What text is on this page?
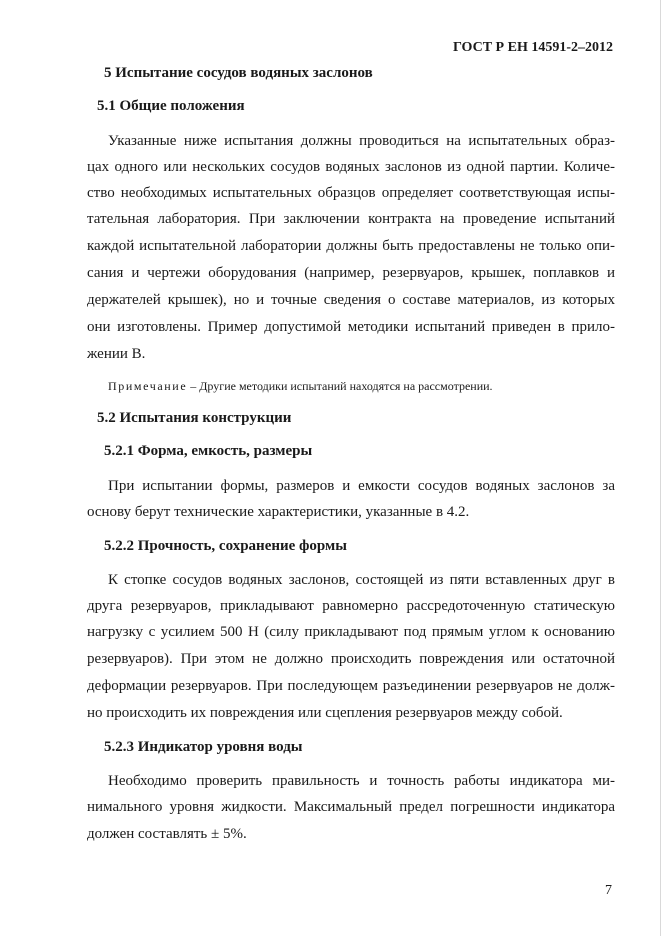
ГОСТ Р ЕН 14591-2–2012
5 Испытание сосудов водяных заслонов
5.1 Общие положения
Указанные ниже испытания должны проводиться на испытательных образ-
цах одного или нескольких сосудов водяных заслонов из одной партии. Количе-
ство необходимых испытательных образцов определяет соответствующая испы-
тательная лаборатория. При заключении контракта на проведение испытаний
каждой испытательной лаборатории должны быть предоставлены не только опи-
сания и чертежи оборудования (например, резервуаров, крышек, поплавков и
держателей крышек), но и точные сведения о составе материалов, из которых
они изготовлены. Пример допустимой методики испытаний приведен в прило-
жении В.
Примечание – Другие методики испытаний находятся на рассмотрении.
5.2 Испытания конструкции
5.2.1 Форма, емкость, размеры
При испытании формы, размеров и емкости сосудов водяных заслонов за
основу берут технические характеристики, указанные в 4.2.
5.2.2 Прочность, сохранение формы
К стопке сосудов водяных заслонов, состоящей из пяти вставленных друг в
друга резервуаров, прикладывают равномерно рассредоточенную статическую
нагрузку с усилием 500 Н (силу прикладывают под прямым углом к основанию
резервуаров). При этом не должно происходить повреждения или остаточной
деформации резервуаров. При последующем разъединении резервуаров не долж-
но происходить их повреждения или сцепления резервуаров между собой.
5.2.3 Индикатор уровня воды
Необходимо проверить правильность и точность работы индикатора ми-
нимального уровня жидкости. Максимальный предел погрешности индикатора
должен составлять ± 5%.
7
